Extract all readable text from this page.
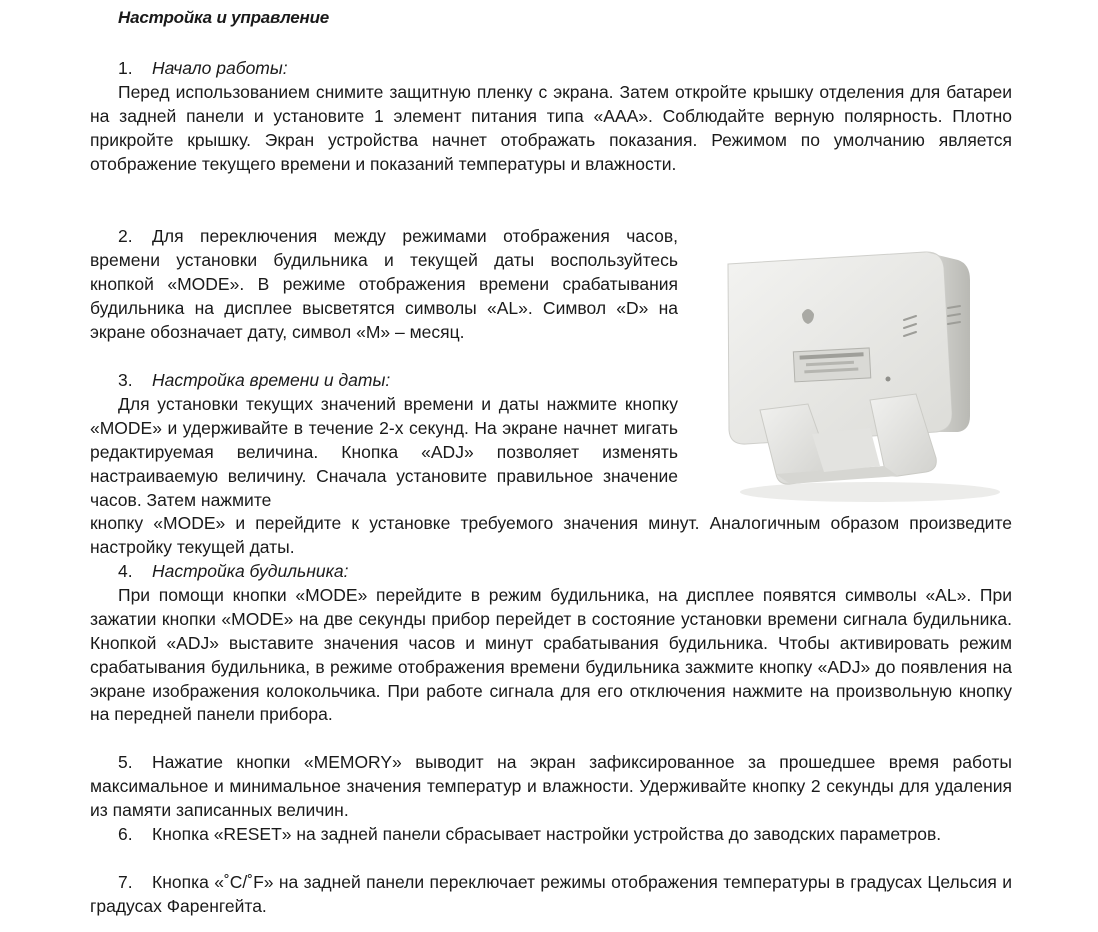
Настройка и управление

1. Начало работы:
Перед использованием снимите защитную пленку с экрана. Затем откройте крышку отделения для батареи на задней панели и установите 1 элемент питания типа «AAA». Соблюдайте верную полярность. Плотно прикройте крышку. Экран устройства начнет отображать показания. Режимом по умолчанию является отображение текущего времени и показаний температуры и влажности.

2. Для переключения между режимами отображения часов, времени установки будильника и текущей даты воспользуйтесь кнопкой «MODE». В режиме отображения времени срабатывания будильника на дисплее высветятся символы «AL». Символ «D» на экране обозначает дату, символ «M» – месяц.

3. Настройка времени и даты:
Для установки текущих значений времени и даты нажмите кнопку «MODE» и удерживайте в течение 2-х секунд. На экране начнет мигать редактируемая величина. Кнопка «ADJ» позволяет изменять настраиваемую величину. Сначала установите правильное значение часов. Затем нажмите

кнопку «MODE» и перейдите к установке требуемого значения минут. Аналогичным образом произведите настройку текущей даты.

4. Настройка будильника:
При помощи кнопки «MODE» перейдите в режим будильника, на дисплее появятся символы «AL». При зажатии кнопки «MODE» на две секунды прибор перейдет в состояние установки времени сигнала будильника. Кнопкой «ADJ» выставите значения часов и минут срабатывания будильника. Чтобы активировать режим срабатывания будильника, в режиме отображения времени будильника зажмите кнопку «ADJ» до появления на экране изображения колокольчика. При работе сигнала для его отключения нажмите на произвольную кнопку на передней панели прибора.

5. Нажатие кнопки «MEMORY» выводит на экран зафиксированное за прошедшее время работы максимальное и минимальное значения температур и влажности. Удерживайте кнопку 2 секунды для удаления из памяти записанных величин.

6. Кнопка «RESET» на задней панели сбрасывает настройки устройства до заводских параметров.

7. Кнопка «˚C/˚F» на задней панели переключает режимы отображения температуры в градусах Цельсия и градусах Фаренгейта.
